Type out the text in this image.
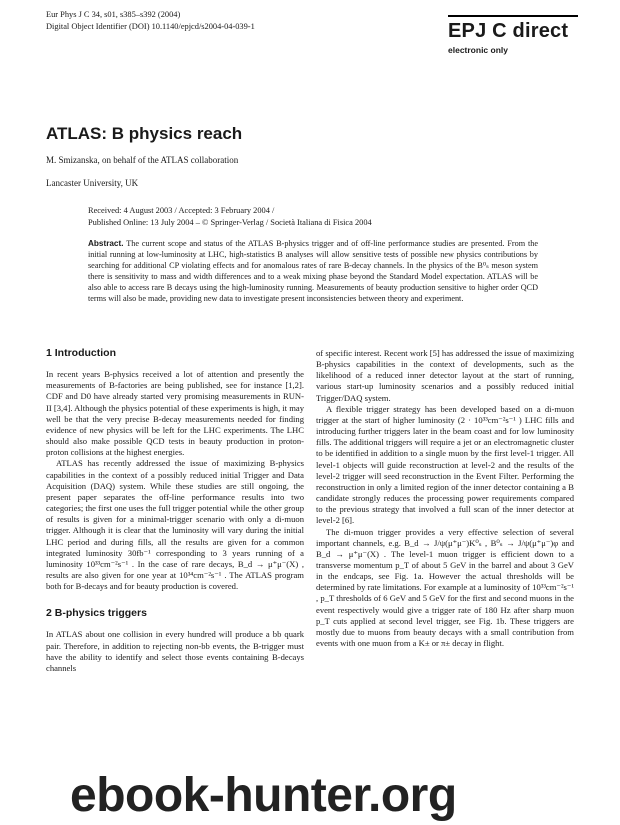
Eur Phys J C 34, s01, s385–s392 (2004)
Digital Object Identifier (DOI) 10.1140/epjcd/s2004-04-039-1	EPJ C direct
electronic only
ATLAS: B physics reach
M. Smizanska, on behalf of the ATLAS collaboration
Lancaster University, UK
Received: 4 August 2003 / Accepted: 3 February 2004 /
Published Online: 13 July 2004 – © Springer-Verlag / Società Italiana di Fisica 2004
Abstract. The current scope and status of the ATLAS B-physics trigger and of off-line performance studies are presented. From the initial running at low-luminosity at LHC, high-statistics B analyses will allow sensitive tests of possible new physics contributions by searching for additional CP violating effects and for anomalous rates of rare B-decay channels. In the physics of the B⁰ₛ meson system there is sensitivity to mass and width differences and to a weak mixing phase beyond the Standard Model expectation. ATLAS will be also able to access rare B decays using the high-luminosity running. Measurements of beauty production sensitive to higher order QCD terms will also be made, providing new data to investigate present inconsistencies between theory and experiment.
1 Introduction

In recent years B-physics received a lot of attention and presently the measurements of B-factories are being published, see for instance [1,2]. CDF and D0 have already started very promising measurements in RUN-II [3,4]. Although the physics potential of these experiments is high, it may well be that the very precise B-decay measurements needed for finding evidence of new physics will be left for the LHC experiments. The LHC should also make possible QCD tests in beauty production in proton-proton collisions at the highest energies.

ATLAS has recently addressed the issue of maximizing B-physics capabilities in the context of a possibly reduced initial Trigger and Data Acquisition (DAQ) system. While these studies are still ongoing, the present paper separates the off-line performance results into two categories; the first one uses the full trigger potential while the other group of results is given for a minimal-trigger scenario with only a di-muon trigger. Although it is clear that the luminosity will vary during the initial LHC period and during fills, all the results are given for a common integrated luminosity 30fb⁻¹ corresponding to 3 years running of a luminosity 10³³cm⁻²s⁻¹ . In the case of rare decays, B_d → μ⁺μ⁻(X) , results are also given for one year at 10³⁴cm⁻²s⁻¹ . The ATLAS program both for B-decays and for beauty production is covered.

2 B-physics triggers

In ATLAS about one collision in every hundred will produce a bb quark pair. Therefore, in addition to rejecting non-bb events, the B-trigger must have the ability to identify and select those events containing B-decays channels

of specific interest. Recent work [5] has addressed the issue of maximizing B-physics capabilities in the context of developments, such as the likelihood of a reduced inner detector layout at the start of running, various start-up luminosity scenarios and a possibly reduced initial Trigger/DAQ system.

A flexible trigger strategy has been developed based on a di-muon trigger at the start of higher luminosity (2 · 10³³cm⁻²s⁻¹ ) LHC fills and introducing further triggers later in the beam coast and for low luminosity fills. The additional triggers will require a jet or an electromagnetic cluster to be identified in addition to a single muon by the first level-1 trigger. All level-1 objects will guide reconstruction at level-2 and the results of the level-2 trigger will seed reconstruction in the Event Filter. Performing the reconstruction in only a limited region of the inner detector containing a B candidate strongly reduces the processing power requirements compared to the previous strategy that involved a full scan of the inner detector at level-2 [6].

The di-muon trigger provides a very effective selection of several important channels, e.g. B_d → J/ψ(μ⁺μ⁻)K⁰ₛ , B⁰ₛ → J/ψ(μ⁺μ⁻)φ and B_d → μ⁺μ⁻(X) . The level-1 muon trigger is efficient down to a transverse momentum p_T of about 5 GeV in the barrel and about 3 GeV in the endcaps, see Fig. 1a. However the actual thresholds will be determined by rate limitations. For example at a luminosity of 10³³cm⁻²s⁻¹ , p_T thresholds of 6 GeV and 5 GeV for the first and second muons in the event respectively would give a trigger rate of 180 Hz after sharp muon p_T cuts applied at second level trigger, see Fig. 1b. These triggers are mostly due to muons from beauty decays with a small contribution from events with one muon from a K± or π± decay in flight.

ebook-hunter.org
